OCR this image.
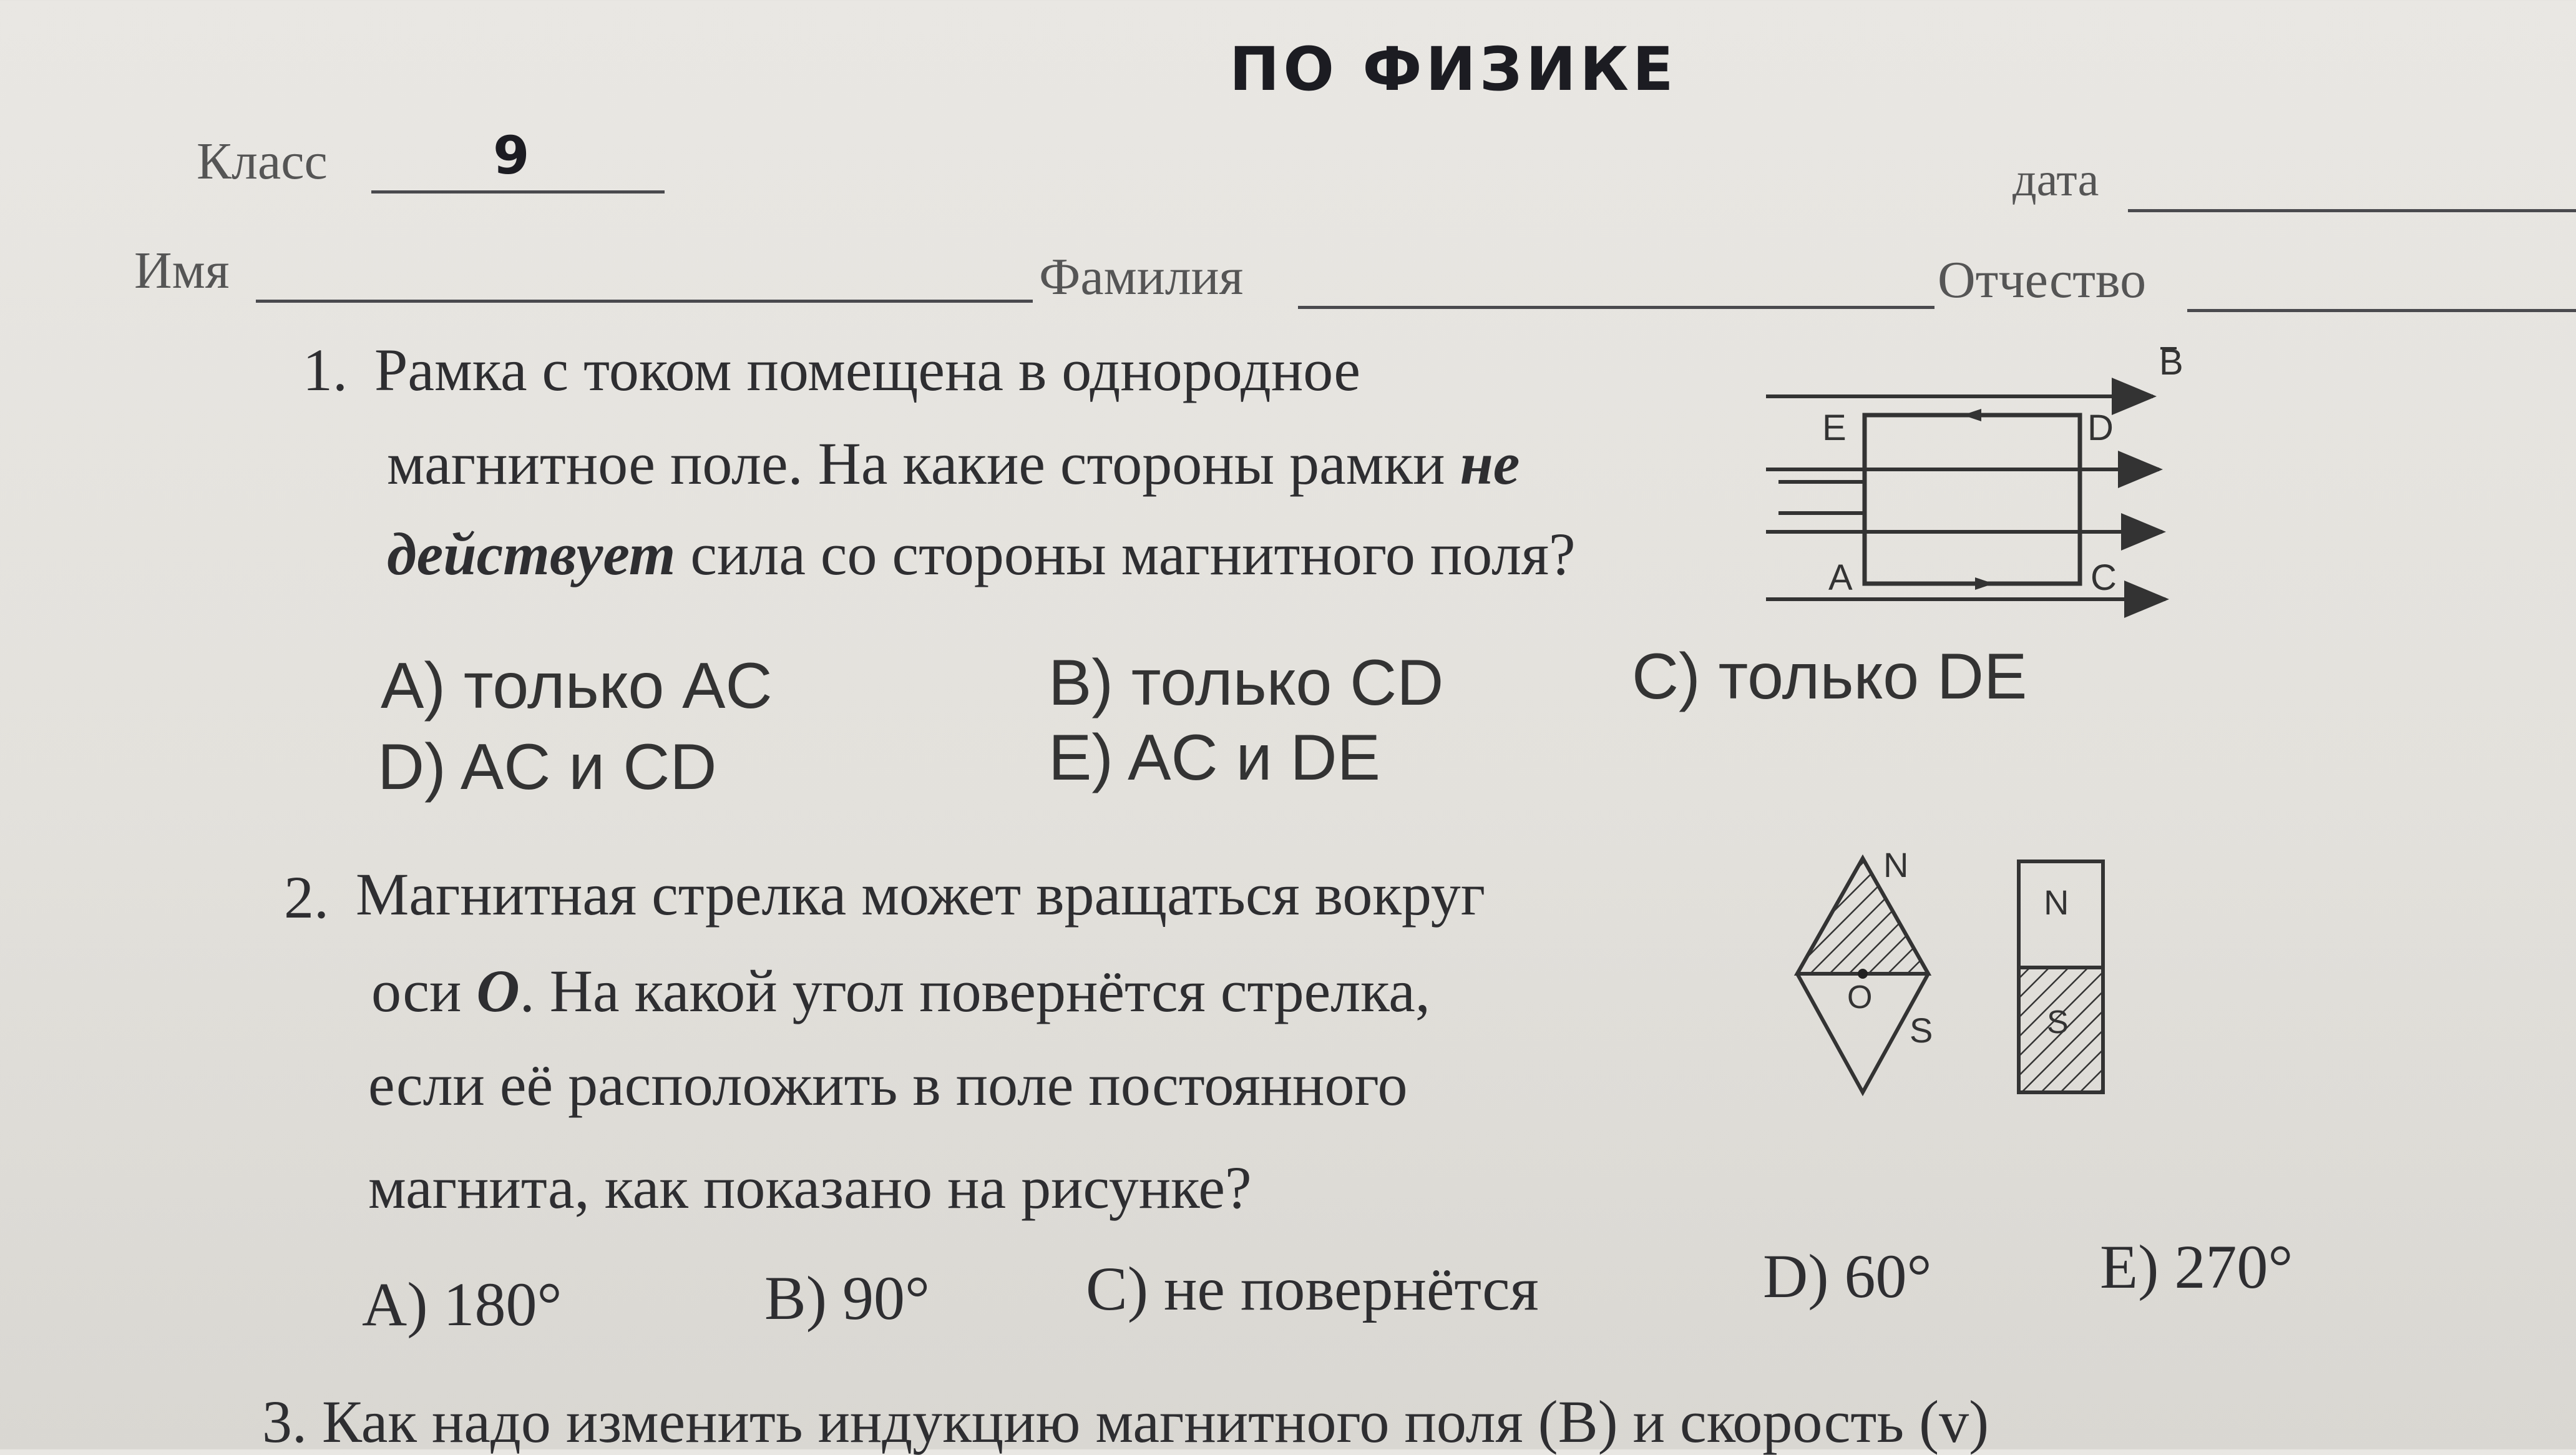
ПО ФИЗИКЕ
Класс	9	дата
Имя	Фамилия	Отчество
1. Рамка с током помещена в однородное
магнитное поле. На какие стороны рамки не
действует сила со стороны магнитного поля?
B
E	D
A	C
A) только AC	B) только CD	C) только DE
D) AC и CD	E) AC и DE
2. Магнитная стрелка может вращаться вокруг
оси О. На какой угол повернётся стрелка,
если её расположить в поле постоянного
магнита, как показано на рисунке?
N
O
S
N
S
A) 180°	B) 90°	C) не повернётся	D) 60°	E) 270°
3. Как надо изменить индукцию магнитного поля (B) и скорость (v)
